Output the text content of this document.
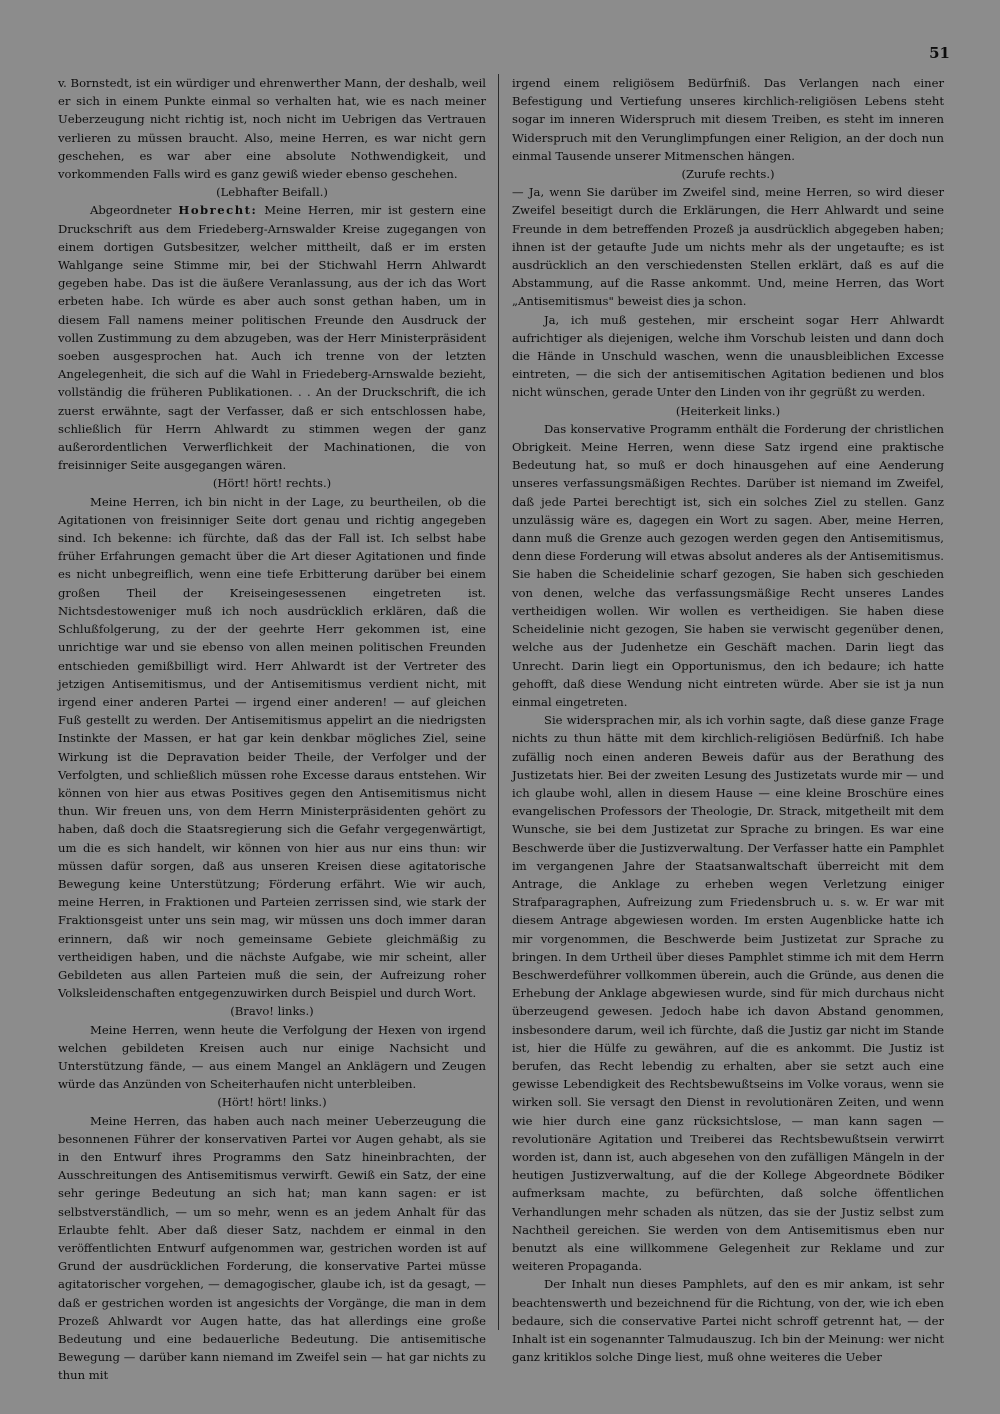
51

v. Bornstedt, ist ein würdiger und ehrenwerther Mann, der deshalb, weil er sich in einem Punkte einmal so verhalten hat, wie es nach meiner Ueberzeugung nicht richtig ist, noch nicht im Uebrigen das Vertrauen verlieren zu müssen braucht. Also, meine Herren, es war nicht gern geschehen, es war aber eine absolute Nothwendigkeit, und vorkommenden Falls wird es ganz gewiß wieder ebenso geschehen.

(Lebhafter Beifall.)

Abgeordneter Hobrecht: Meine Herren, mir ist gestern eine Druckschrift aus dem Friedeberg-Arnswalder Kreise zugegangen von einem dortigen Gutsbesitzer, welcher mittheilt, daß er im ersten Wahlgange seine Stimme mir, bei der Stichwahl Herrn Ahlwardt gegeben habe. Das ist die äußere Veranlassung, aus der ich das Wort erbeten habe. Ich würde es aber auch sonst gethan haben, um in diesem Fall namens meiner politischen Freunde den Ausdruck der vollen Zustimmung zu dem abzugeben, was der Herr Ministerpräsident soeben ausgesprochen hat. Auch ich trenne von der letzten Angelegenheit, die sich auf die Wahl in Friedeberg-Arnswalde bezieht, vollständig die früheren Publikationen. . . An der Druckschrift, die ich zuerst erwähnte, sagt der Verfasser, daß er sich entschlossen habe, schließlich für Herrn Ahlwardt zu stimmen wegen der ganz außerordentlichen Verwerflichkeit der Machinationen, die von freisinniger Seite ausgegangen wären.

(Hört! hört! rechts.)

Meine Herren, ich bin nicht in der Lage, zu beurtheilen, ob die Agitationen von freisinniger Seite dort genau und richtig angegeben sind. Ich bekenne: ich fürchte, daß das der Fall ist. Ich selbst habe früher Erfahrungen gemacht über die Art dieser Agitationen und finde es nicht unbegreiflich, wenn eine tiefe Erbitterung darüber bei einem großen Theil der Kreiseingesessenen eingetreten ist. Nichtsdestoweniger muß ich noch ausdrücklich erklären, daß die Schlußfolgerung, zu der der geehrte Herr gekommen ist, eine unrichtige war und sie ebenso von allen meinen politischen Freunden entschieden gemißbilligt wird. Herr Ahlwardt ist der Vertreter des jetzigen Antisemitismus, und der Antisemitismus verdient nicht, mit irgend einer anderen Partei — irgend einer anderen! — auf gleichen Fuß gestellt zu werden. Der Antisemitismus appelirt an die niedrigsten Instinkte der Massen, er hat gar kein denkbar mögliches Ziel, seine Wirkung ist die Depravation beider Theile, der Verfolger und der Verfolgten, und schließlich müssen rohe Excesse daraus entstehen. Wir können von hier aus etwas Positives gegen den Antisemitismus nicht thun. Wir freuen uns, von dem Herrn Ministerpräsidenten gehört zu haben, daß doch die Staatsregierung sich die Gefahr vergegenwärtigt, um die es sich handelt, wir können von hier aus nur eins thun: wir müssen dafür sorgen, daß aus unseren Kreisen diese agitatorische Bewegung keine Unterstützung; Förderung erfährt. Wie wir auch, meine Herren, in Fraktionen und Parteien zerrissen sind, wie stark der Fraktionsgeist unter uns sein mag, wir müssen uns doch immer daran erinnern, daß wir noch gemeinsame Gebiete gleichmäßig zu vertheidigen haben, und die nächste Aufgabe, wie mir scheint, aller Gebildeten aus allen Parteien muß die sein, der Aufreizung roher Volksleidenschaften entgegenzuwirken durch Beispiel und durch Wort.

(Bravo! links.)

Meine Herren, wenn heute die Verfolgung der Hexen von irgend welchen gebildeten Kreisen auch nur einige Nachsicht und Unterstützung fände, — aus einem Mangel an Anklägern und Zeugen würde das Anzünden von Scheiterhaufen nicht unterbleiben.

(Hört! hört! links.)

Meine Herren, das haben auch nach meiner Ueberzeugung die besonnenen Führer der konservativen Partei vor Augen gehabt, als sie in den Entwurf ihres Programms den Satz hineinbrachten, der Ausschreitungen des Antisemitismus verwirft. Gewiß ein Satz, der eine sehr geringe Bedeutung an sich hat; man kann sagen: er ist selbstverständlich, — um so mehr, wenn es an jedem Anhalt für das Erlaubte fehlt. Aber daß dieser Satz, nachdem er einmal in den veröffentlichten Entwurf aufgenommen war, gestrichen worden ist auf Grund der ausdrücklichen Forderung, die konservative Partei müsse agitatorischer vorgehen, — demagogischer, glaube ich, ist da gesagt, — daß er gestrichen worden ist angesichts der Vorgänge, die man in dem Prozeß Ahlwardt vor Augen hatte, das hat allerdings eine große Bedeutung und eine bedauerliche Bedeutung. Die antisemitische Bewegung — darüber kann niemand im Zweifel sein — hat gar nichts zu thun mit

irgend einem religiösem Bedürfniß. Das Verlangen nach einer Befestigung und Vertiefung unseres kirchlich-religiösen Lebens steht sogar im inneren Widerspruch mit diesem Treiben, es steht im inneren Widerspruch mit den Verunglimpfungen einer Religion, an der doch nun einmal Tausende unserer Mitmenschen hängen.

(Zurufe rechts.)

— Ja, wenn Sie darüber im Zweifel sind, meine Herren, so wird dieser Zweifel beseitigt durch die Erklärungen, die Herr Ahlwardt und seine Freunde in dem betreffenden Prozeß ja ausdrücklich abgegeben haben; ihnen ist der getaufte Jude um nichts mehr als der ungetaufte; es ist ausdrücklich an den verschiedensten Stellen erklärt, daß es auf die Abstammung, auf die Rasse ankommt. Und, meine Herren, das Wort „Antisemitismus" beweist dies ja schon.

Ja, ich muß gestehen, mir erscheint sogar Herr Ahlwardt aufrichtiger als diejenigen, welche ihm Vorschub leisten und dann doch die Hände in Unschuld waschen, wenn die unausbleiblichen Excesse eintreten, — die sich der antisemitischen Agitation bedienen und blos nicht wünschen, gerade Unter den Linden von ihr gegrüßt zu werden.

(Heiterkeit links.)

Das konservative Programm enthält die Forderung der christlichen Obrigkeit. Meine Herren, wenn diese Satz irgend eine praktische Bedeutung hat, so muß er doch hinausgehen auf eine Aenderung unseres verfassungsmäßigen Rechtes. Darüber ist niemand im Zweifel, daß jede Partei berechtigt ist, sich ein solches Ziel zu stellen. Ganz unzulässig wäre es, dagegen ein Wort zu sagen. Aber, meine Herren, dann muß die Grenze auch gezogen werden gegen den Antisemitismus, denn diese Forderung will etwas absolut anderes als der Antisemitismus. Sie haben die Scheidelinie scharf gezogen, Sie haben sich geschieden von denen, welche das verfassungsmäßige Recht unseres Landes vertheidigen wollen. Wir wollen es vertheidigen. Sie haben diese Scheidelinie nicht gezogen, Sie haben sie verwischt gegenüber denen, welche aus der Judenhetze ein Geschäft machen. Darin liegt das Unrecht. Darin liegt ein Opportunismus, den ich bedaure; ich hatte gehofft, daß diese Wendung nicht eintreten würde. Aber sie ist ja nun einmal eingetreten.

Sie widersprachen mir, als ich vorhin sagte, daß diese ganze Frage nichts zu thun hätte mit dem kirchlich-religiösen Bedürfniß. Ich habe zufällig noch einen anderen Beweis dafür aus der Berathung des Justizetats hier. Bei der zweiten Lesung des Justizetats wurde mir — und ich glaube wohl, allen in diesem Hause — eine kleine Broschüre eines evangelischen Professors der Theologie, Dr. Strack, mitgetheilt mit dem Wunsche, sie bei dem Justizetat zur Sprache zu bringen. Es war eine Beschwerde über die Justizverwaltung. Der Verfasser hatte ein Pamphlet im vergangenen Jahre der Staatsanwaltschaft überreicht mit dem Antrage, die Anklage zu erheben wegen Verletzung einiger Strafparagraphen, Aufreizung zum Friedensbruch u. s. w. Er war mit diesem Antrage abgewiesen worden. Im ersten Augenblicke hatte ich mir vorgenommen, die Beschwerde beim Justizetat zur Sprache zu bringen. In dem Urtheil über dieses Pamphlet stimme ich mit dem Herrn Beschwerdeführer vollkommen überein, auch die Gründe, aus denen die Erhebung der Anklage abgewiesen wurde, sind für mich durchaus nicht überzeugend gewesen. Jedoch habe ich davon Abstand genommen, insbesondere darum, weil ich fürchte, daß die Justiz gar nicht im Stande ist, hier die Hülfe zu gewähren, auf die es ankommt. Die Justiz ist berufen, das Recht lebendig zu erhalten, aber sie setzt auch eine gewisse Lebendigkeit des Rechtsbewußtseins im Volke voraus, wenn sie wirken soll. Sie versagt den Dienst in revolutionären Zeiten, und wenn wie hier durch eine ganz rücksichtslose, — man kann sagen — revolutionäre Agitation und Treiberei das Rechtsbewußtsein verwirrt worden ist, dann ist, auch abgesehen von den zufälligen Mängeln in der heutigen Justizverwaltung, auf die der Kollege Abgeordnete Bödiker aufmerksam machte, zu befürchten, daß solche öffentlichen Verhandlungen mehr schaden als nützen, das sie der Justiz selbst zum Nachtheil gereichen. Sie werden von dem Antisemitismus eben nur benutzt als eine willkommene Gelegenheit zur Reklame und zur weiteren Propaganda.

Der Inhalt nun dieses Pamphlets, auf den es mir ankam, ist sehr beachtenswerth und bezeichnend für die Richtung, von der, wie ich eben bedaure, sich die conservative Partei nicht schroff getrennt hat, — der Inhalt ist ein sogenannter Talmudauszug. Ich bin der Meinung: wer nicht ganz kritiklos solche Dinge liest, muß ohne weiteres die Ueber
